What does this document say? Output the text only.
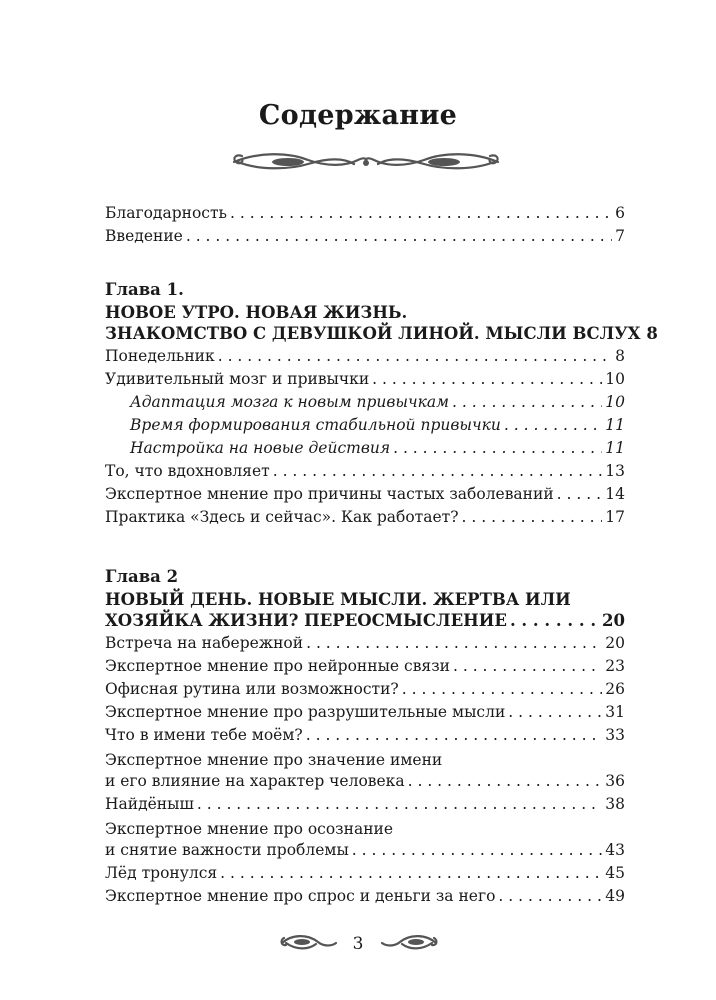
Содержание
Благодарность . . .	6
Введение . . .	7
Глава 1.
НОВОЕ УТРО. НОВАЯ ЖИЗНЬ.
ЗНАКОМСТВО С ДЕВУШКОЙ ЛИНОЙ. МЫСЛИ ВСЛУХ 8
Понедельник . . .	8
Удивительный мозг и привычки . . .	10
Адаптация мозга к новым привычкам . . .	10
Время формирования стабильной привычки . . .	11
Настройка на новые действия . . .	11
То, что вдохновляет . . .	13
Экспертное мнение про причины частых заболеваний . . .	14
Практика «Здесь и сейчас». Как работает? . . .	17
Глава 2
НОВЫЙ ДЕНЬ. НОВЫЕ МЫСЛИ. ЖЕРТВА ИЛИ
ХОЗЯЙКА ЖИЗНИ? ПЕРЕОСМЫСЛЕНИЕ . . .	20
Встреча на набережной . . .	20
Экспертное мнение про нейронные связи . . .	23
Офисная рутина или возможности? . . .	26
Экспертное мнение про разрушительные мысли . . .	31
Что в имени тебе моём? . . .	33
Экспертное мнение про значение имени
и его влияние на характер человека . . .	36
Найдёныш . . .	38
Экспертное мнение про осознание
и снятие важности проблемы . . .	43
Лёд тронулся . . .	45
Экспертное мнение про спрос и деньги за него . . .	49
3
